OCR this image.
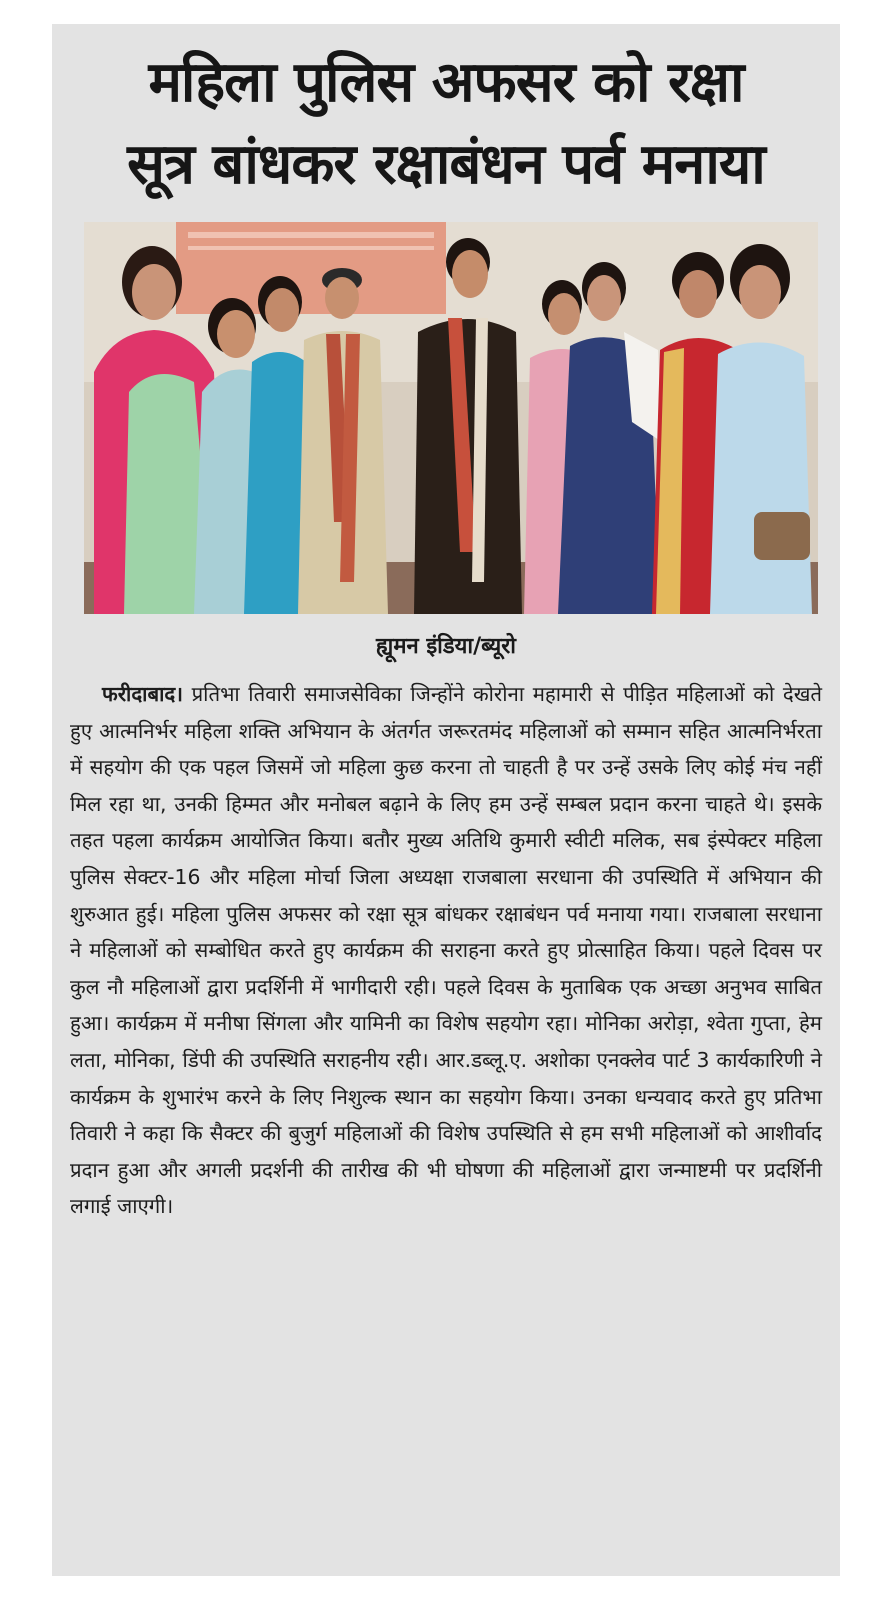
महिला पुलिस अफसर को रक्षा
सूत्र बांधकर रक्षाबंधन पर्व मनाया
ह्यूमन इंडिया/ब्यूरो

फरीदाबाद। प्रतिभा तिवारी समाजसेविका जिन्होंने कोरोना महामारी से पीड़ित महिलाओं को देखते हुए आत्मनिर्भर महिला शक्ति अभियान के अंतर्गत जरूरतमंद महिलाओं को सम्मान सहित आत्मनिर्भरता में सहयोग की एक पहल जिसमें जो महिला कुछ करना तो चाहती है पर उन्हें उसके लिए कोई मंच नहीं मिल रहा था, उनकी हिम्मत और मनोबल बढ़ाने के लिए हम उन्हें सम्बल प्रदान करना चाहते थे। इसके तहत पहला कार्यक्रम आयोजित किया। बतौर मुख्य अतिथि कुमारी स्वीटी मलिक, सब इंस्पेक्टर महिला पुलिस सेक्टर-16 और महिला मोर्चा जिला अध्यक्षा राजबाला सरधाना की उपस्थिति में अभियान की शुरुआत हुई। महिला पुलिस अफसर को रक्षा सूत्र बांधकर रक्षाबंधन पर्व मनाया गया। राजबाला सरधाना ने महिलाओं को सम्बोधित करते हुए कार्यक्रम की सराहना करते हुए प्रोत्साहित किया। पहले दिवस पर कुल नौ महिलाओं द्वारा प्रदर्शिनी में भागीदारी रही। पहले दिवस के मुताबिक एक अच्छा अनुभव साबित हुआ। कार्यक्रम में मनीषा सिंगला और यामिनी का विशेष सहयोग रहा। मोनिका अरोड़ा, श्वेता गुप्ता, हेम लता, मोनिका, डिंपी की उपस्थिति सराहनीय रही। आर.डब्लू.ए. अशोका एनक्लेव पार्ट 3 कार्यकारिणी ने कार्यक्रम के शुभारंभ करने के लिए निशुल्क स्थान का सहयोग किया। उनका धन्यवाद करते हुए प्रतिभा तिवारी ने कहा कि सैक्टर की बुजुर्ग महिलाओं की विशेष उपस्थिति से हम सभी महिलाओं को आशीर्वाद प्रदान हुआ और अगली प्रदर्शनी की तारीख की भी घोषणा की महिलाओं द्वारा जन्माष्टमी पर प्रदर्शिनी लगाई जाएगी।
